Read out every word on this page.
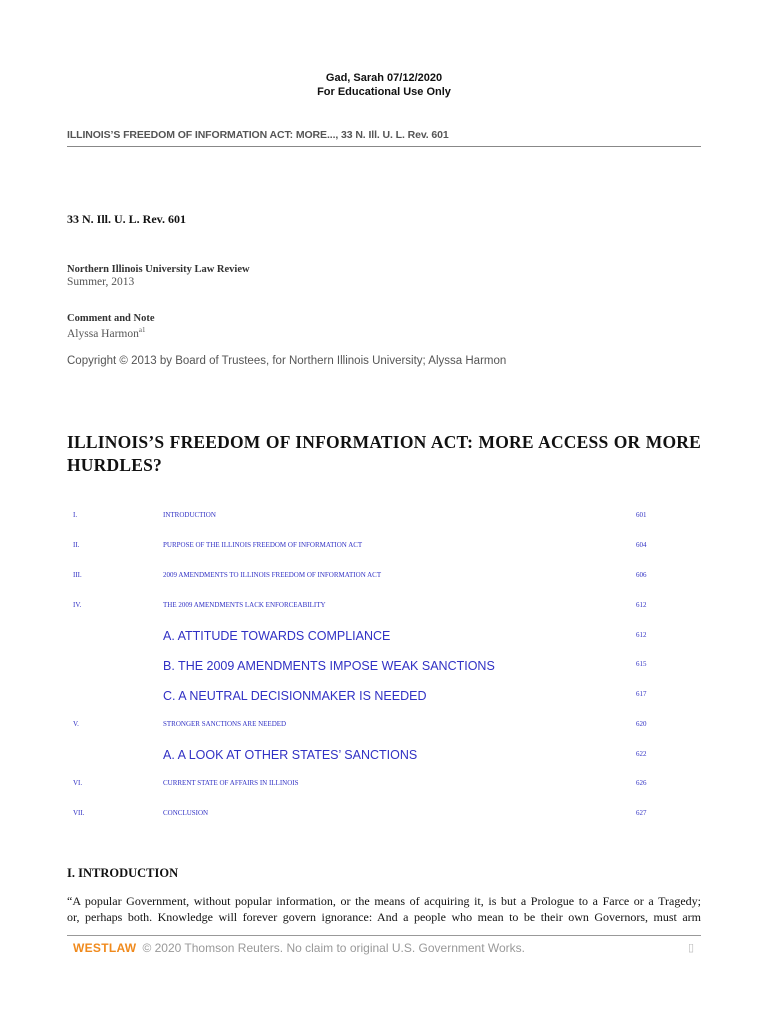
Gad, Sarah 07/12/2020
For Educational Use Only
ILLINOIS’S FREEDOM OF INFORMATION ACT: MORE..., 33 N. Ill. U. L. Rev. 601
33 N. Ill. U. L. Rev. 601
Northern Illinois University Law Review
Summer, 2013
Comment and Note
Alyssa Harmon$^{a1}$
Copyright © 2013 by Board of Trustees, for Northern Illinois University; Alyssa Harmon
ILLINOIS’S FREEDOM OF INFORMATION ACT: MORE ACCESS OR MORE HURDLES?
I.	INTRODUCTION	601
II.	PURPOSE OF THE ILLINOIS FREEDOM OF INFORMATION ACT	604
III.	2009 AMENDMENTS TO ILLINOIS FREEDOM OF INFORMATION ACT	606
IV.	THE 2009 AMENDMENTS LACK ENFORCEABILITY	612
A. ATTITUDE TOWARDS COMPLIANCE	612
B. THE 2009 AMENDMENTS IMPOSE WEAK SANCTIONS	615
C. A NEUTRAL DECISIONMAKER IS NEEDED	617
V.	STRONGER SANCTIONS ARE NEEDED	620
A. A LOOK AT OTHER STATES’ SANCTIONS	622
VI.	CURRENT STATE OF AFFAIRS IN ILLINOIS	626
VII.	CONCLUSION	627
I. INTRODUCTION
“A popular Government, without popular information, or the means of acquiring it, is but a Prologue to a Farce or a Tragedy;
or, perhaps both. Knowledge will forever govern ignorance: And a people who mean to be their own Governors, must arm
WESTLAW © 2020 Thomson Reuters. No claim to original U.S. Government Works.	▯
